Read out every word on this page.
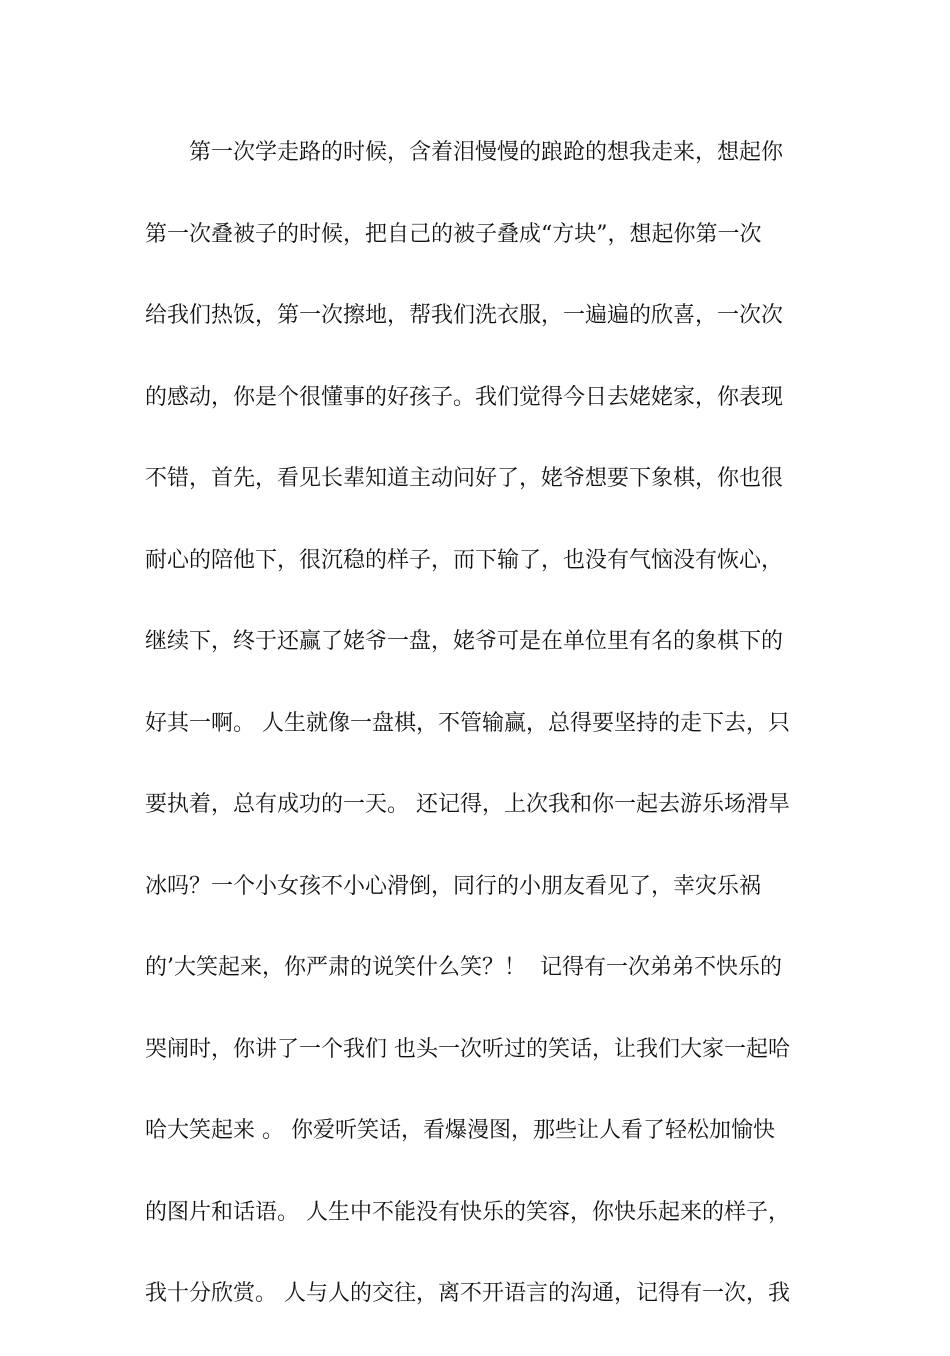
第一次学走路的时候，含着泪慢慢的踉跄的想我走来，想起你
第一次叠被子的时候，把自己的被子叠成“方块”，想起你第一次
给我们热饭，第一次擦地，帮我们洗衣服，一遍遍的欣喜，一次次
的感动，你是个很懂事的好孩子。我们觉得今日去姥姥家，你表现
不错，首先，看见长辈知道主动问好了，姥爷想要下象棋，你也很
耐心的陪他下，很沉稳的样子，而下输了，也没有气恼没有恢心，
继续下，终于还赢了姥爷一盘，姥爷可是在单位里有名的象棋下的
好其一啊。 人生就像一盘棋，不管输赢，总得要坚持的走下去，只
要执着，总有成功的一天。 还记得，上次我和你一起去游乐场滑旱
冰吗？一个小女孩不小心滑倒，同行的小朋友看见了，幸灾乐祸
的’大笑起来，你严肃的说笑什么笑？！  记得有一次弟弟不快乐的
哭闹时，你讲了一个我们 也头一次听过的笑话，让我们大家一起哈
哈大笑起来 。 你爱听笑话，看爆漫图，那些让人看了轻松加愉快
的图片和话语。 人生中不能没有快乐的笑容，你快乐起来的样子，
我十分欣赏。 人与人的交往，离不开语言的沟通，记得有一次，我
